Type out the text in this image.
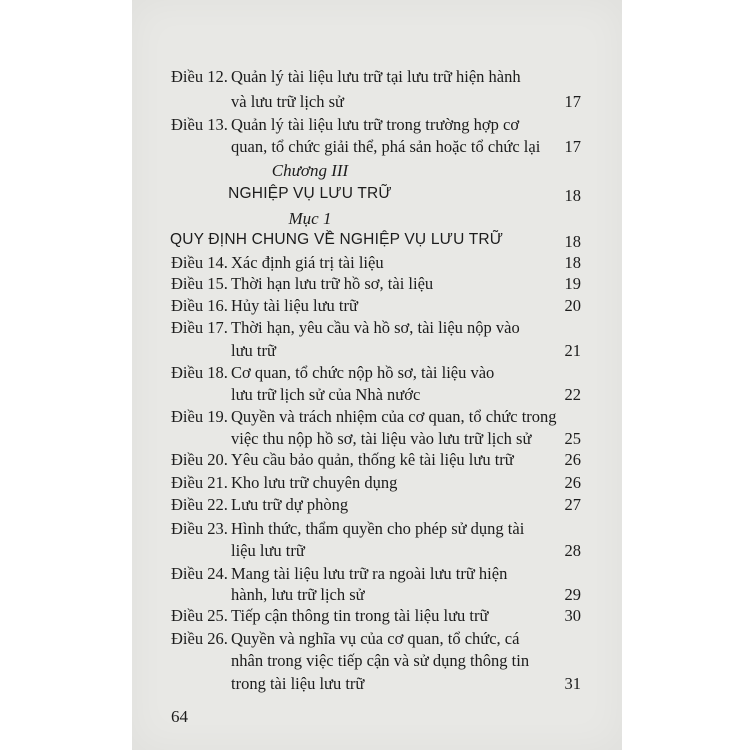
Điều 12. Quản lý tài liệu lưu trữ tại lưu trữ hiện hành
và lưu trữ lịch sử	17
Điều 13. Quản lý tài liệu lưu trữ trong trường hợp cơ
quan, tổ chức giải thể, phá sản hoặc tổ chức lại 17
Chương III
NGHIỆP VỤ LƯU TRỮ	18
Mục 1
QUY ĐỊNH CHUNG VỀ NGHIỆP VỤ LƯU TRỮ	18
Điều 14. Xác định giá trị tài liệu	18
Điều 15. Thời hạn lưu trữ hồ sơ, tài liệu	19
Điều 16. Hủy tài liệu lưu trữ	20
Điều 17. Thời hạn, yêu cầu và hồ sơ, tài liệu nộp vào
lưu trữ	21
Điều 18. Cơ quan, tổ chức nộp hồ sơ, tài liệu vào
lưu trữ lịch sử của Nhà nước	22
Điều 19. Quyền và trách nhiệm của cơ quan, tổ chức trong
việc thu nộp hồ sơ, tài liệu vào lưu trữ lịch sử 25
Điều 20. Yêu cầu bảo quản, thống kê tài liệu lưu trữ	26
Điều 21. Kho lưu trữ chuyên dụng	26
Điều 22. Lưu trữ dự phòng	27
Điều 23. Hình thức, thẩm quyền cho phép sử dụng tài
liệu lưu trữ	28
Điều 24. Mang tài liệu lưu trữ ra ngoài lưu trữ hiện
hành, lưu trữ lịch sử	29
Điều 25. Tiếp cận thông tin trong tài liệu lưu trữ	30
Điều 26. Quyền và nghĩa vụ của cơ quan, tổ chức, cá
nhân trong việc tiếp cận và sử dụng thông tin
trong tài liệu lưu trữ	31
64
